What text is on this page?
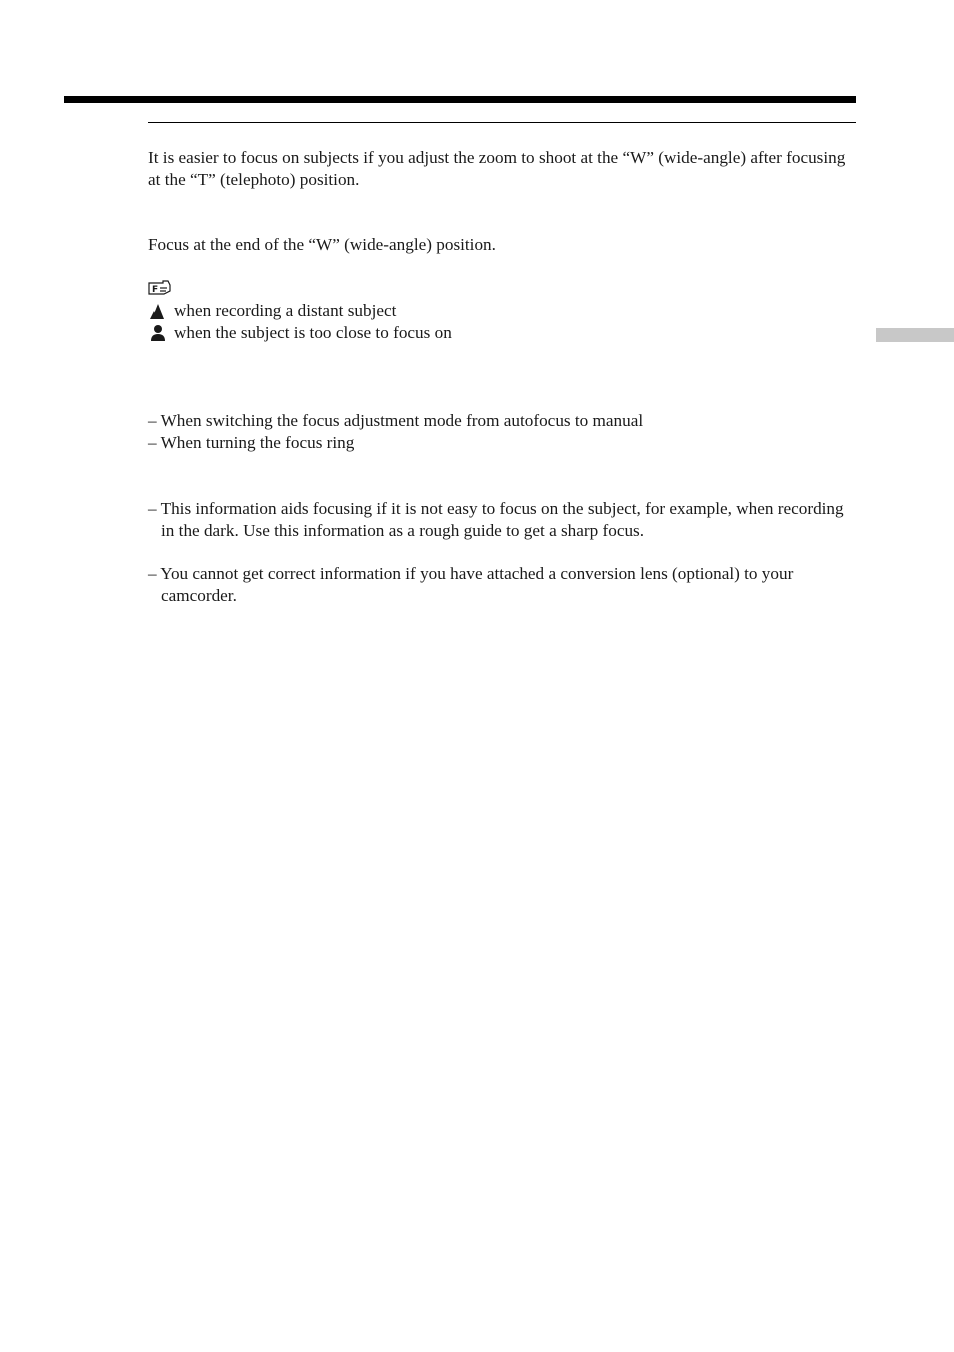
It is easier to focus on subjects if you adjust the zoom to shoot at the “W” (wide-angle) after focusing at the “T” (telephoto) position.

Focus at the end of the “W” (wide-angle) position.

F
when recording a distant subject
when the subject is too close to focus on
– When switching the focus adjustment mode from autofocus to manual
– When turning the focus ring
– This information aids focusing if it is not easy to focus on the subject, for example, when recording in the dark. Use this information as a rough guide to get a sharp focus.
– You cannot get correct information if you have attached a conversion lens (optional) to your camcorder.
